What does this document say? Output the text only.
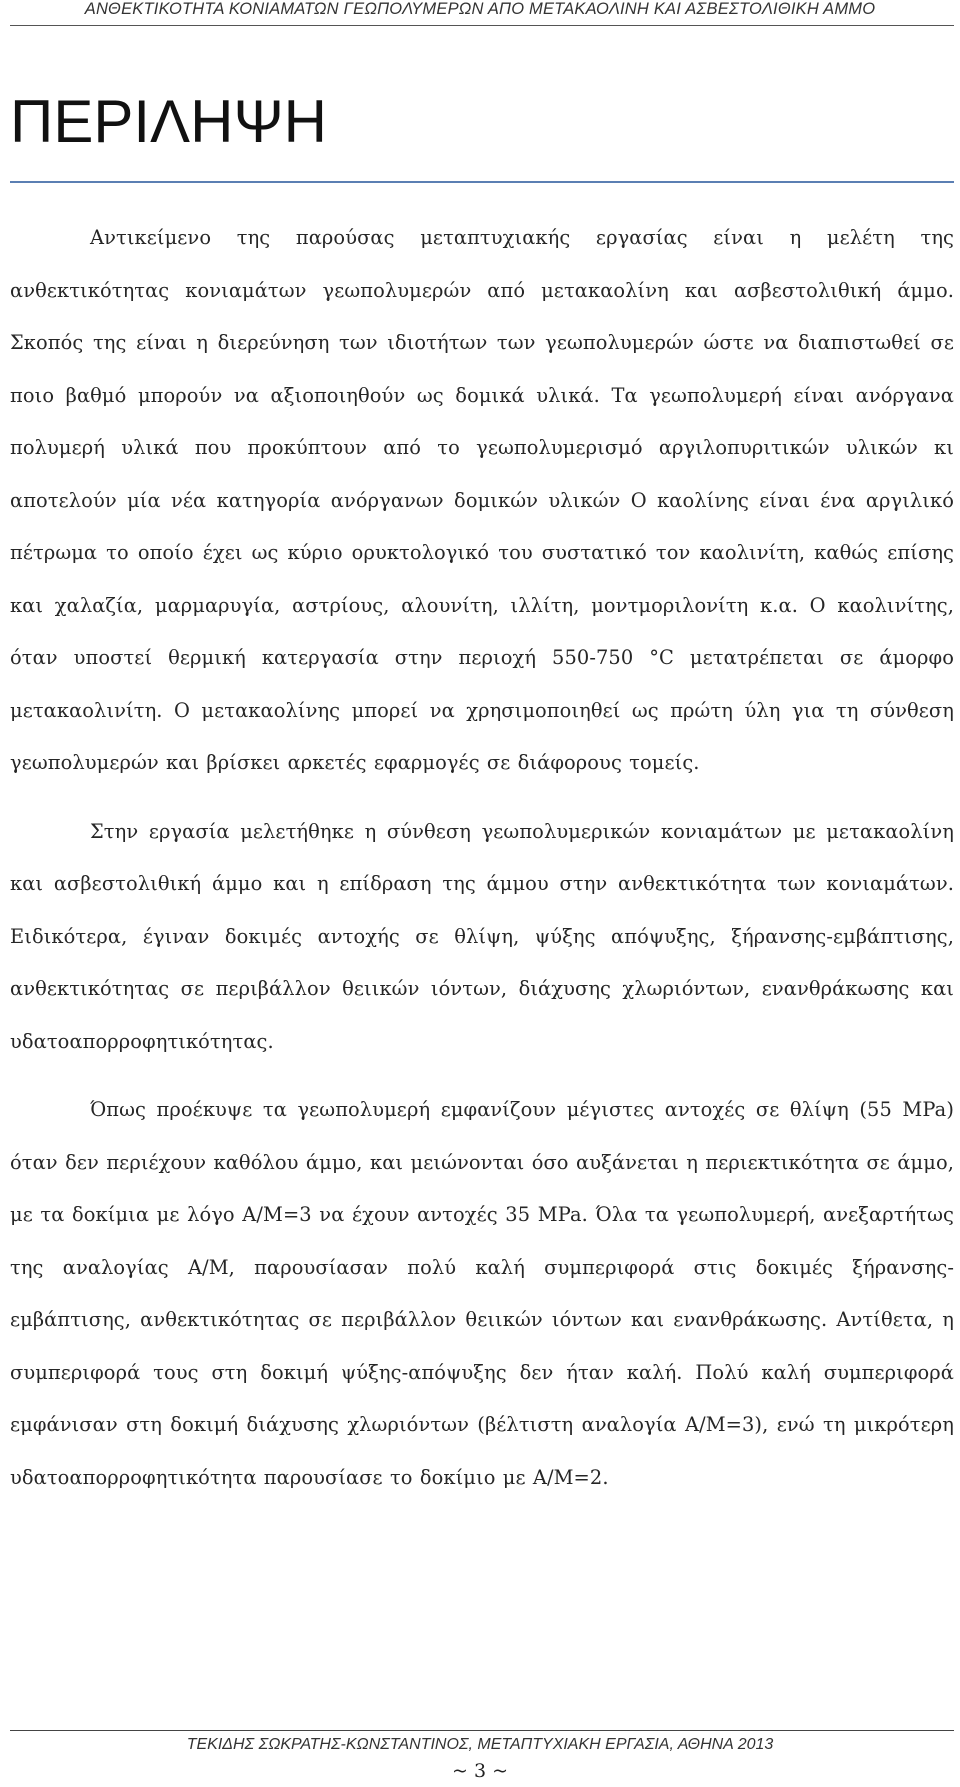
ΑΝΘΕΚΤΙΚΟΤΗΤΑ ΚΟΝΙΑΜΑΤΩΝ ΓΕΩΠΟΛΥΜΕΡΩΝ ΑΠΟ ΜΕΤΑΚΑΟΛΙΝΗ ΚΑΙ ΑΣΒΕΣΤΟΛΙΘΙΚΗ ΑΜΜΟ
ΠΕΡΙΛΗΨΗ

Αντικείμενο της παρούσας μεταπτυχιακής εργασίας είναι η μελέτη της ανθεκτικότητας κονιαμάτων γεωπολυμερών από μετακαολίνη και ασβεστολιθική άμμο. Σκοπός της είναι η διερεύνηση των ιδιοτήτων των γεωπολυμερών ώστε να διαπιστωθεί σε ποιο βαθμό μπορούν να αξιοποιηθούν ως δομικά υλικά. Τα γεωπολυμερή είναι ανόργανα πολυμερή υλικά που προκύπτουν από το γεωπολυμερισμό αργιλοπυριτικών υλικών κι αποτελούν μία νέα κατηγορία ανόργανων δομικών υλικών Ο καολίνης είναι ένα αργιλικό πέτρωμα το οποίο έχει ως κύριο ορυκτολογικό του συστατικό τον καολινίτη, καθώς επίσης και χαλαζία, μαρμαρυγία, αστρίους, αλουνίτη, ιλλίτη, μοντμοριλονίτη κ.α. Ο καολινίτης, όταν υποστεί θερμική κατεργασία στην περιοχή 550-750 °C μετατρέπεται σε άμορφο μετακαολινίτη. Ο μετακαολίνης μπορεί να χρησιμοποιηθεί ως πρώτη ύλη για τη σύνθεση γεωπολυμερών και βρίσκει αρκετές εφαρμογές σε διάφορους τομείς.

Στην εργασία μελετήθηκε η σύνθεση γεωπολυμερικών κονιαμάτων με μετακαολίνη και ασβεστολιθική άμμο και η επίδραση της άμμου στην ανθεκτικότητα των κονιαμάτων. Ειδικότερα, έγιναν δοκιμές αντοχής σε θλίψη, ψύξης απόψυξης, ξήρανσης-εμβάπτισης, ανθεκτικότητας σε περιβάλλον θειικών ιόντων, διάχυσης χλωριόντων, ενανθράκωσης και υδατοαπορροφητικότητας.

Όπως προέκυψε τα γεωπολυμερή εμφανίζουν μέγιστες αντοχές σε θλίψη (55 MPa) όταν δεν περιέχουν καθόλου άμμο, και μειώνονται όσο αυξάνεται η περιεκτικότητα σε άμμο, με τα δοκίμια με λόγο Α/Μ=3 να έχουν αντοχές 35 MPa. Όλα τα γεωπολυμερή, ανεξαρτήτως της αναλογίας Α/Μ, παρουσίασαν πολύ καλή συμπεριφορά στις δοκιμές ξήρανσης-εμβάπτισης, ανθεκτικότητας σε περιβάλλον θειικών ιόντων και ενανθράκωσης. Αντίθετα, η συμπεριφορά τους στη δοκιμή ψύξης-απόψυξης δεν ήταν καλή. Πολύ καλή συμπεριφορά εμφάνισαν στη δοκιμή διάχυσης χλωριόντων (βέλτιστη αναλογία Α/Μ=3), ενώ τη μικρότερη υδατοαπορροφητικότητα παρουσίασε το δοκίμιο με Α/Μ=2.

ΤΕΚΙΔΗΣ ΣΩΚΡΑΤΗΣ-ΚΩΝΣΤΑΝΤΙΝΟΣ, ΜΕΤΑΠΤΥΧΙΑΚΗ ΕΡΓΑΣΙΑ, ΑΘΗΝΑ 2013
~ 3 ~
